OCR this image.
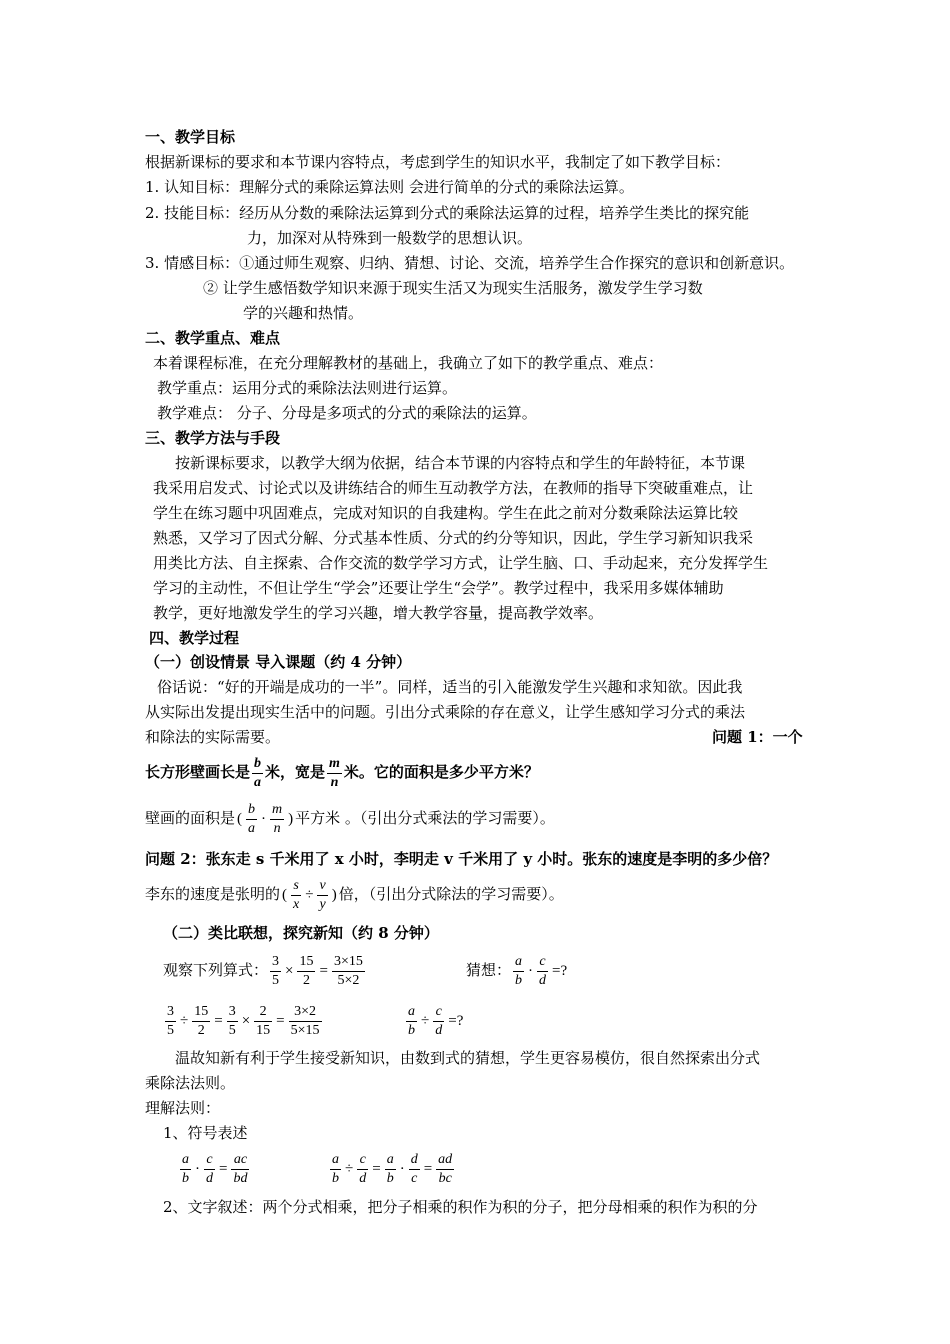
一、教学目标
根据新课标的要求和本节课内容特点，考虑到学生的知识水平，我制定了如下教学目标：
1. 认知目标：理解分式的乘除运算法则 会进行简单的分式的乘除法运算。
2. 技能目标：经历从分数的乘除法运算到分式的乘除法运算的过程，培养学生类比的探究能
力，加深对从特殊到一般数学的思想认识。
3. 情感目标：①通过师生观察、归纳、猜想、讨论、交流，培养学生合作探究的意识和创新意识。
② 让学生感悟数学知识来源于现实生活又为现实生活服务，激发学生学习数
学的兴趣和热情。
二、教学重点、难点
本着课程标准，在充分理解教材的基础上，我确立了如下的教学重点、难点：
教学重点：运用分式的乘除法法则进行运算。
教学难点： 分子、分母是多项式的分式的乘除法的运算。
三、教学方法与手段
按新课标要求，以教学大纲为依据，结合本节课的内容特点和学生的年龄特征，本节课
我采用启发式、讨论式以及讲练结合的师生互动教学方法，在教师的指导下突破重难点，让
学生在练习题中巩固难点，完成对知识的自我建构。学生在此之前对分数乘除法运算比较
熟悉，又学习了因式分解、分式基本性质、分式的约分等知识，因此，学生学习新知识我采
用类比方法、自主探索、合作交流的数学学习方式，让学生脑、口、手动起来，充分发挥学生
学习的主动性，不但让学生“学会”还要让学生“会学”。教学过程中，我采用多媒体辅助
教学，更好地激发学生的学习兴趣，增大教学容量，提高教学效率。
四、教学过程
（一）创设情景 导入课题（约 4 分钟）
俗话说：“好的开端是成功的一半”。同样，适当的引入能激发学生兴趣和求知欲。因此我
从实际出发提出现实生活中的问题。引出分式乘除的存在意义，让学生感知学习分式的乘法
和除法的实际需要。	问题 1：一个
长方形壁画长是 $\frac{b}{a}$ 米，宽是 $\frac{m}{n}$ 米。它的面积是多少平方米？
壁画的面积是 ( $\frac{b}{a} \cdot \frac{m}{n}$ ) 平方米 。（引出分式乘法的学习需要）。
问题 2：张东走 s 千米用了 x 小时，李明走 v 千米用了 y 小时。张东的速度是李明的多少倍？
李东的速度是张明的 ( $\frac{s}{x} \div \frac{v}{y}$ ) 倍，（引出分式除法的学习需要）。
（二）类比联想，探究新知（约 8 分钟）
观察下列算式： $\frac{3}{5} \times \frac{15}{2} = \frac{3\times 15}{5\times 2}$	猜想： $\frac{a}{b} \cdot \frac{c}{d}$ =?
$\frac{3}{5} \div \frac{15}{2} = \frac{3}{5} \times \frac{2}{15} = \frac{3\times 2}{5\times 15}$	$\frac{a}{b} \div \frac{c}{d}$ =?
温故知新有利于学生接受新知识，由数到式的猜想，学生更容易模仿，很自然探索出分式
乘除法法则。
理解法则：
1、符号表述
$\frac{a}{b} \cdot \frac{c}{d} = \frac{ac}{bd}$	$\frac{a}{b} \div \frac{c}{d} = \frac{a}{b} \cdot \frac{d}{c} = \frac{ad}{bc}$
2、文字叙述：两个分式相乘，把分子相乘的积作为积的分子，把分母相乘的积作为积的分
